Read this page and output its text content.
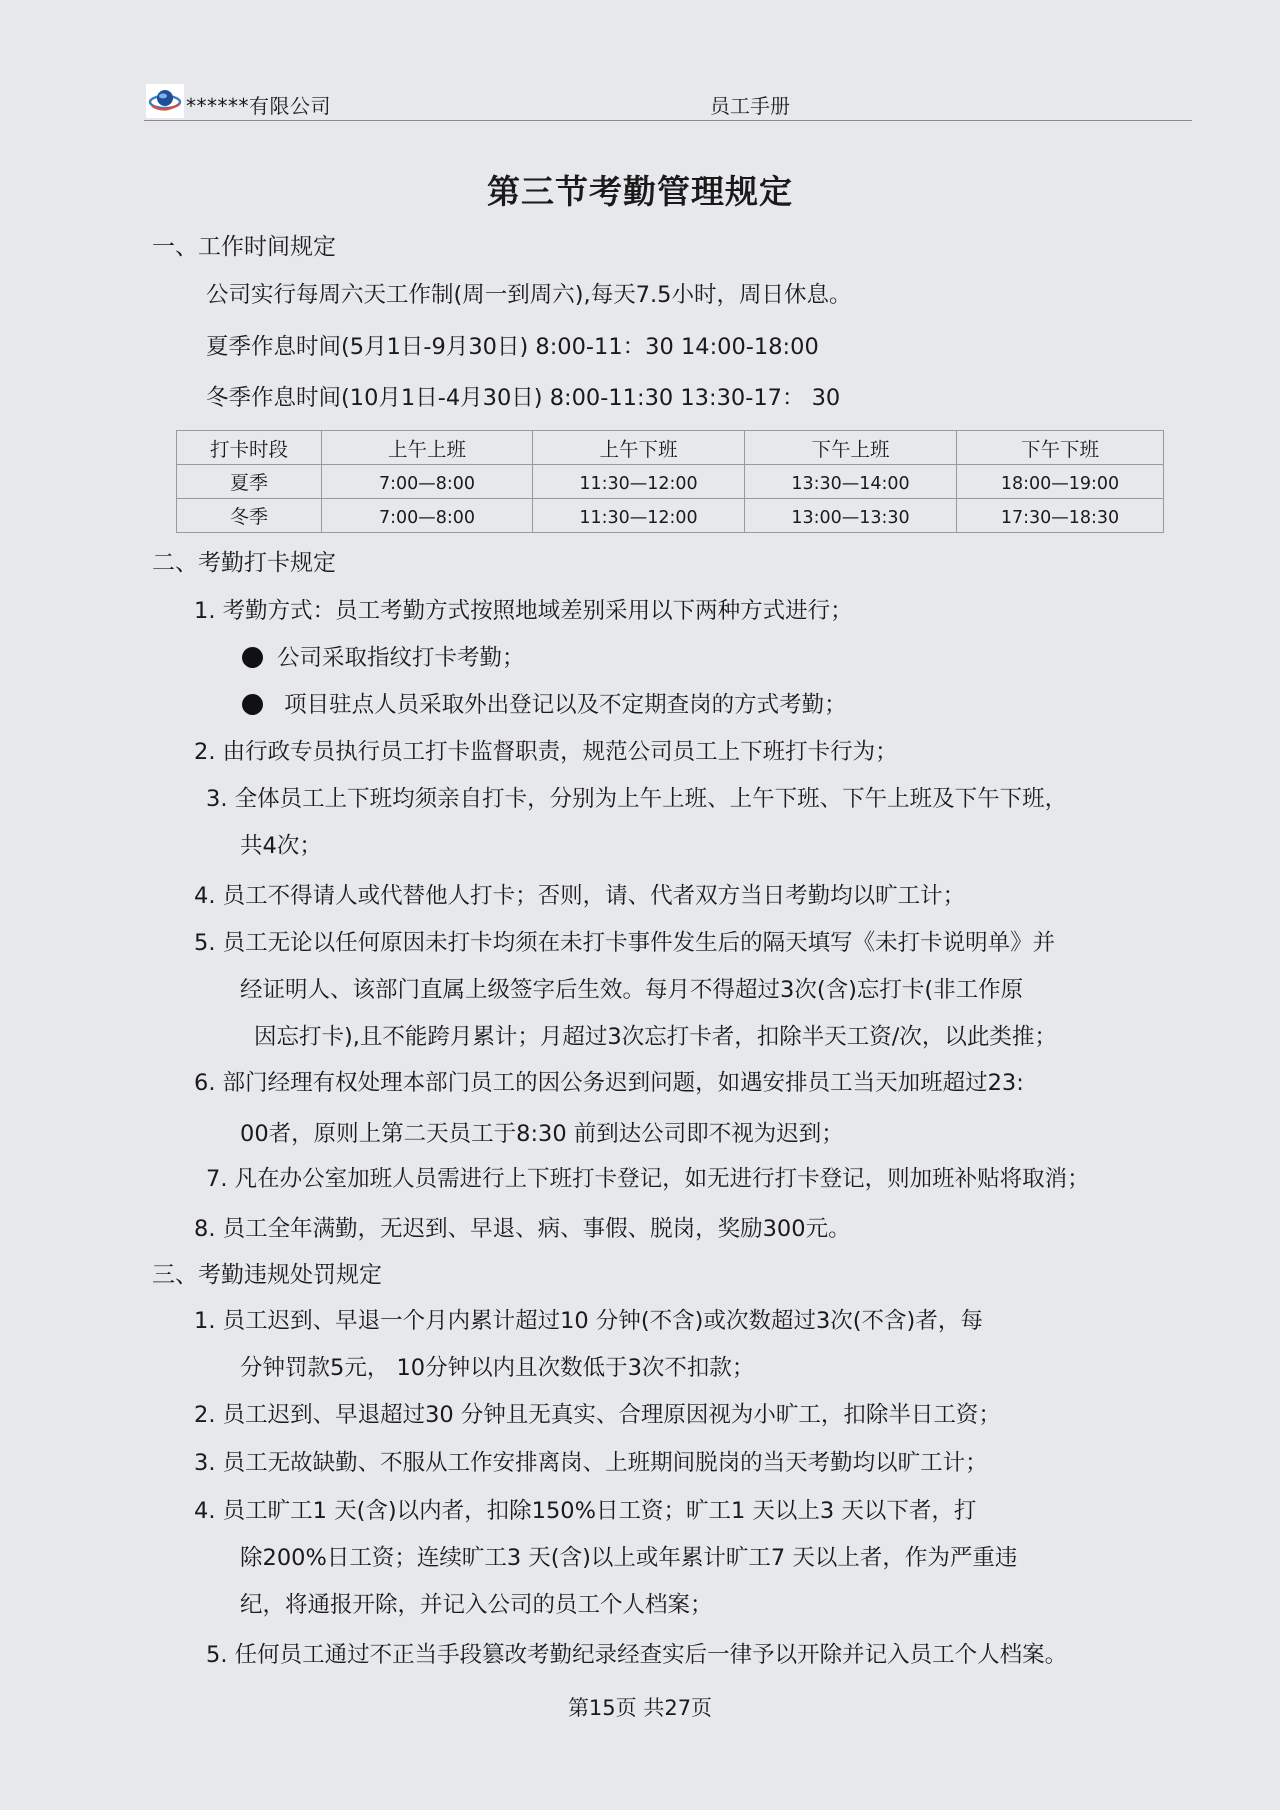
******有限公司	员工手册
第三节考勤管理规定
一、工作时间规定
公司实行每周六天工作制(周一到周六),每天7.5小时，周日休息。
夏季作息时间(5月1日-9月30日) 8:00-11：30 14:00-18:00
冬季作息时间(10月1日-4月30日) 8:00-11:30 13:30-17： 30
打卡时段	上午上班	上午下班	下午上班	下午下班
夏季	7:00—8:00	11:30—12:00	13:30—14:00	18:00—19:00
冬季	7:00—8:00	11:30—12:00	13:00—13:30	17:30—18:30
二、考勤打卡规定
1. 考勤方式：员工考勤方式按照地域差别采用以下两种方式进行；
公司采取指纹打卡考勤；
项目驻点人员采取外出登记以及不定期查岗的方式考勤；
2. 由行政专员执行员工打卡监督职责，规范公司员工上下班打卡行为；
3. 全体员工上下班均须亲自打卡，分别为上午上班、上午下班、下午上班及下午下班，
共4次；
4. 员工不得请人或代替他人打卡；否则，请、代者双方当日考勤均以旷工计；
5. 员工无论以任何原因未打卡均须在未打卡事件发生后的隔天填写《未打卡说明单》并
经证明人、该部门直属上级签字后生效。每月不得超过3次(含)忘打卡(非工作原
因忘打卡),且不能跨月累计；月超过3次忘打卡者，扣除半天工资/次，以此类推；
6. 部门经理有权处理本部门员工的因公务迟到问题，如遇安排员工当天加班超过23:
00者，原则上第二天员工于8:30 前到达公司即不视为迟到；
7. 凡在办公室加班人员需进行上下班打卡登记，如无进行打卡登记，则加班补贴将取消；
8. 员工全年满勤，无迟到、早退、病、事假、脱岗，奖励300元。
三、考勤违规处罚规定
1. 员工迟到、早退一个月内累计超过10 分钟(不含)或次数超过3次(不含)者，每
分钟罚款5元， 10分钟以内且次数低于3次不扣款；
2. 员工迟到、早退超过30 分钟且无真实、合理原因视为小旷工，扣除半日工资；
3. 员工无故缺勤、不服从工作安排离岗、上班期间脱岗的当天考勤均以旷工计；
4. 员工旷工1 天(含)以内者，扣除150%日工资；旷工1 天以上3 天以下者，打
除200%日工资；连续旷工3 天(含)以上或年累计旷工7 天以上者，作为严重违
纪，将通报开除，并记入公司的员工个人档案；
5. 任何员工通过不正当手段篡改考勤纪录经查实后一律予以开除并记入员工个人档案。
第15页 共27页
